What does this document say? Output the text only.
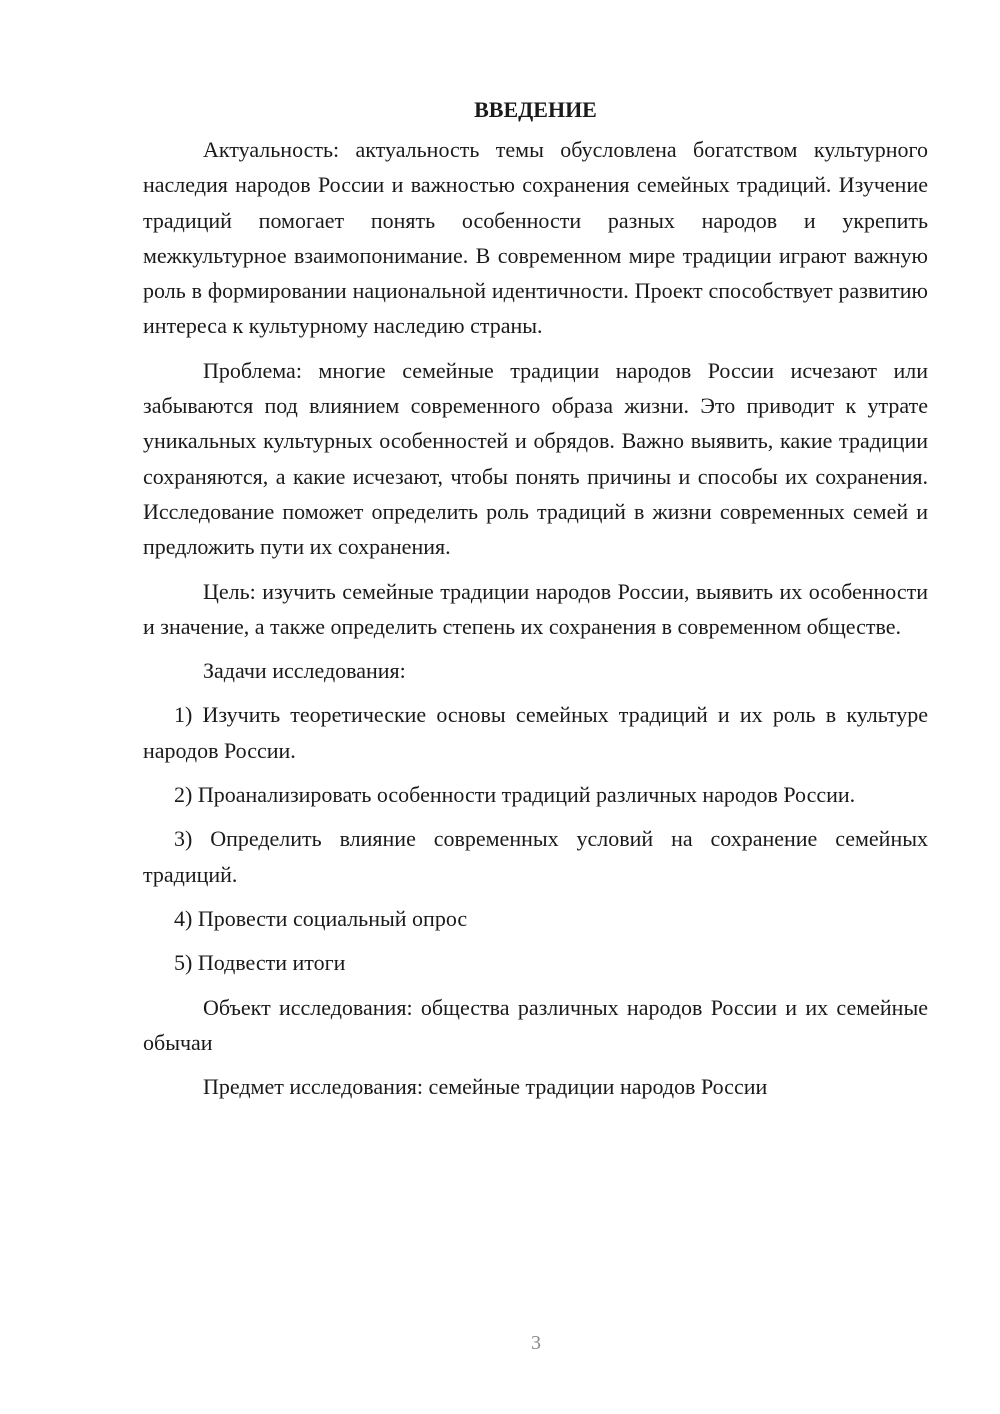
ВВЕДЕНИЕ
Актуальность: актуальность темы обусловлена богатством культурного наследия народов России и важностью сохранения семейных традиций. Изучение традиций помогает понять особенности разных народов и укрепить межкультурное взаимопонимание. В современном мире традиции играют важную роль в формировании национальной идентичности. Проект способствует развитию интереса к культурному наследию страны.
Проблема: многие семейные традиции народов России исчезают или забываются под влиянием современного образа жизни. Это приводит к утрате уникальных культурных особенностей и обрядов. Важно выявить, какие традиции сохраняются, а какие исчезают, чтобы понять причины и способы их сохранения. Исследование поможет определить роль традиций в жизни современных семей и предложить пути их сохранения.
Цель: изучить семейные традиции народов России, выявить их особенности и значение, а также определить степень их сохранения в современном обществе.
Задачи исследования:
1) Изучить теоретические основы семейных традиций и их роль в культуре народов России.
2) Проанализировать особенности традиций различных народов России.
3) Определить влияние современных условий на сохранение семейных традиций.
4) Провести социальный опрос
5) Подвести итоги
Объект исследования: общества различных народов России и их семейные обычаи
Предмет исследования: семейные традиции народов России
3
